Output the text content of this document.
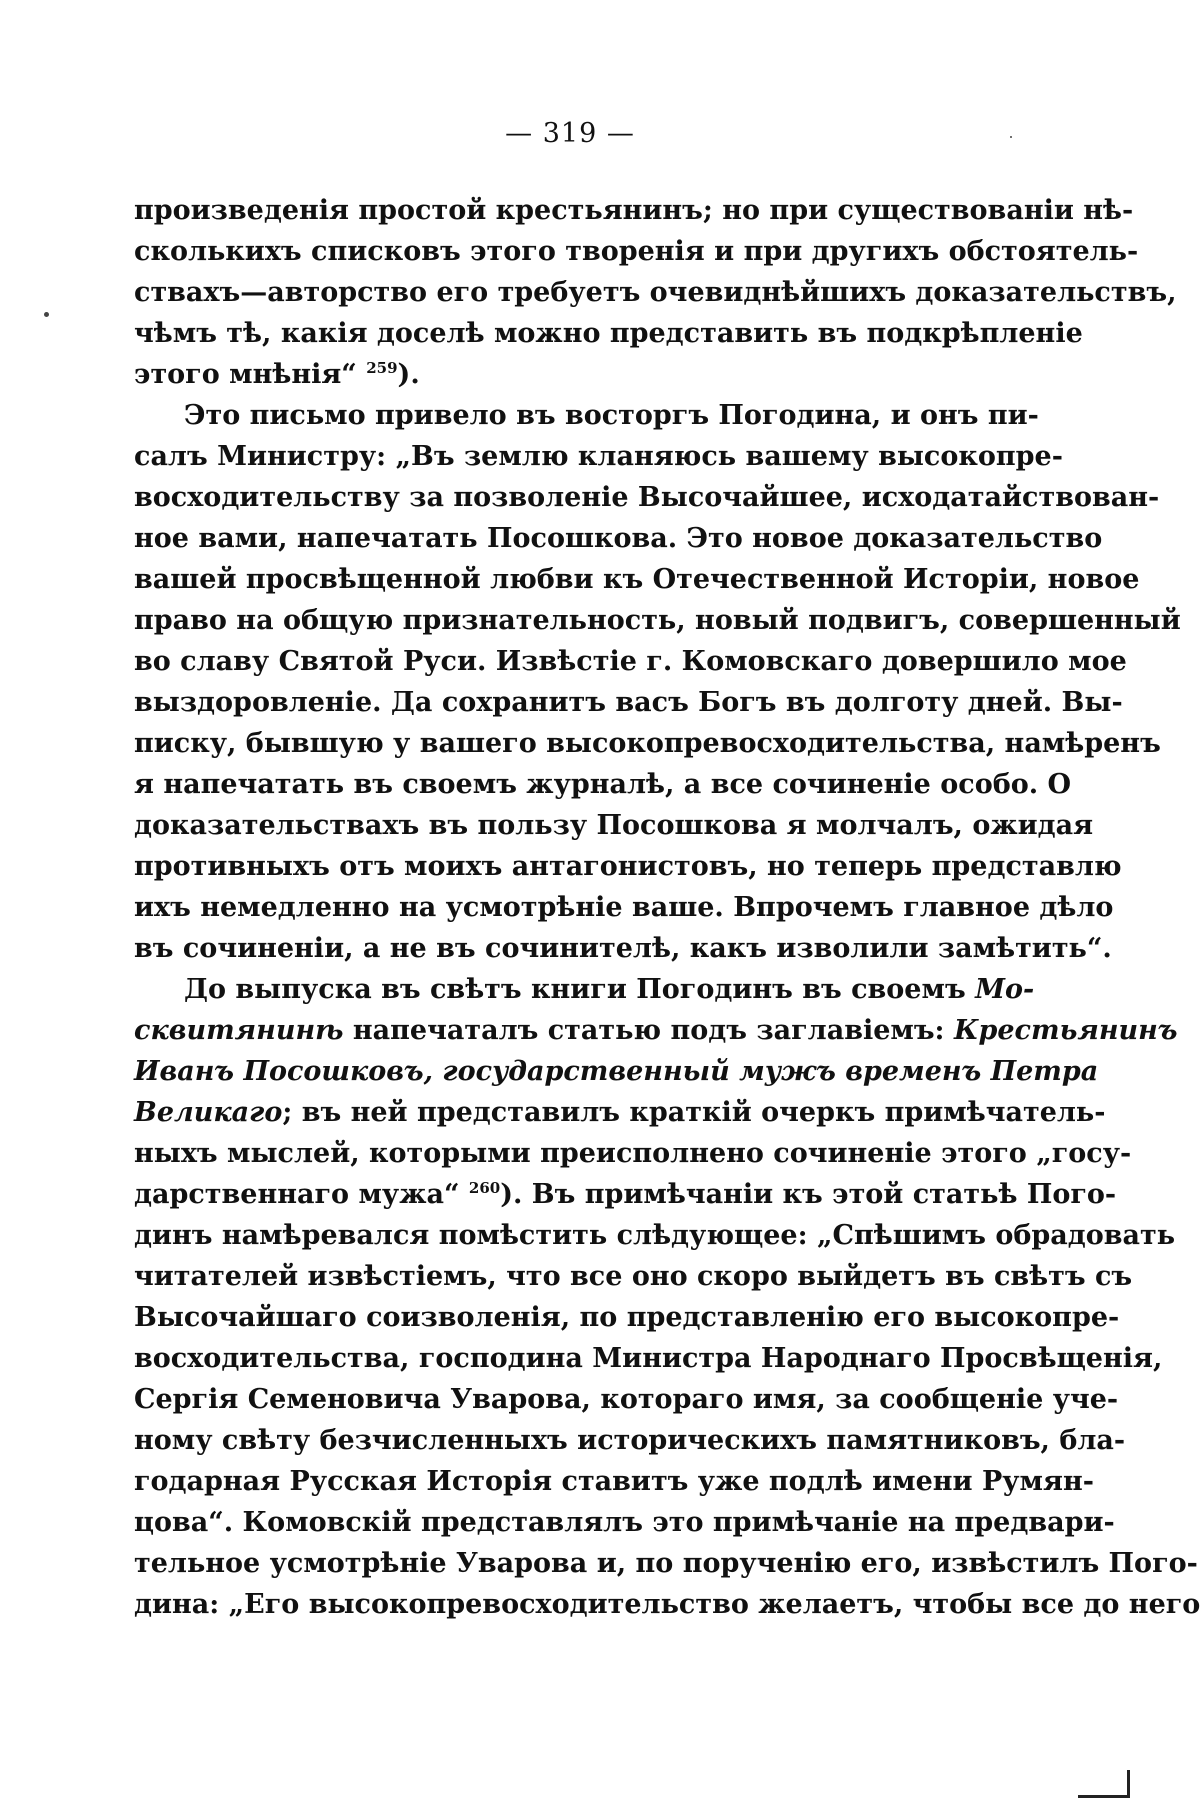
— 319 —
произведенія простой крестьянинъ; но при существованіи нѣ-
сколькихъ списковъ этого творенія и при другихъ обстоятель-
ствахъ—авторство его требуетъ очевиднѣйшихъ доказательствъ,
чѣмъ тѣ, какія доселѣ можно представить въ подкрѣпленіе
этого мнѣнія“ $^{259}$).
Это письмо привело въ восторгъ Погодина, и онъ пи-
салъ Министру: „Въ землю кланяюсь вашему высокопре-
восходительству за позволеніе Высочайшее, исходатайствован-
ное вами, напечатать Посошкова. Это новое доказательство
вашей просвѣщенной любви къ Отечественной Исторіи, новое
право на общую признательность, новый подвигъ, совершенный
во славу Святой Руси. Извѣстіе г. Комовскаго довершило мое
выздоровленіе. Да сохранитъ васъ Богъ въ долготу дней. Вы-
писку, бывшую у вашего высокопревосходительства, намѣренъ
я напечатать въ своемъ журналѣ, а все сочиненіе особо. О
доказательствахъ въ пользу Посошкова я молчалъ, ожидая
противныхъ отъ моихъ антагонистовъ, но теперь представлю
ихъ немедленно на усмотрѣніе ваше. Впрочемъ главное дѣло
въ сочиненіи, а не въ сочинителѣ, какъ изволили замѣтить“.
До выпуска въ свѣтъ книги Погодинъ въ своемъ Мо-
сквитянинѣ напечаталъ статью подъ заглавіемъ: Крестьянинъ
Иванъ Посошковъ, государственный мужъ временъ Петра
Великаго; въ ней представилъ краткій очеркъ примѣчатель-
ныхъ мыслей, которыми преисполнено сочиненіе этого „госу-
дарственнаго мужа“ $^{260}$). Въ примѣчаніи къ этой статьѣ Пого-
динъ намѣревался помѣстить слѣдующее: „Спѣшимъ обрадовать
читателей извѣстіемъ, что все оно скоро выйдетъ въ свѣтъ съ
Высочайшаго соизволенія, по представленію его высокопре-
восходительства, господина Министра Народнаго Просвѣщенія,
Сергія Семеновича Уварова, котораго имя, за сообщеніе уче-
ному свѣту безчисленныхъ историческихъ памятниковъ, бла-
годарная Русская Исторія ставитъ уже подлѣ имени Румян-
цова“. Комовскій представлялъ это примѣчаніе на предвари-
тельное усмотрѣніе Уварова и, по порученію его, извѣстилъ Пого-
дина: „Его высокопревосходительство желаетъ, чтобы все до него
